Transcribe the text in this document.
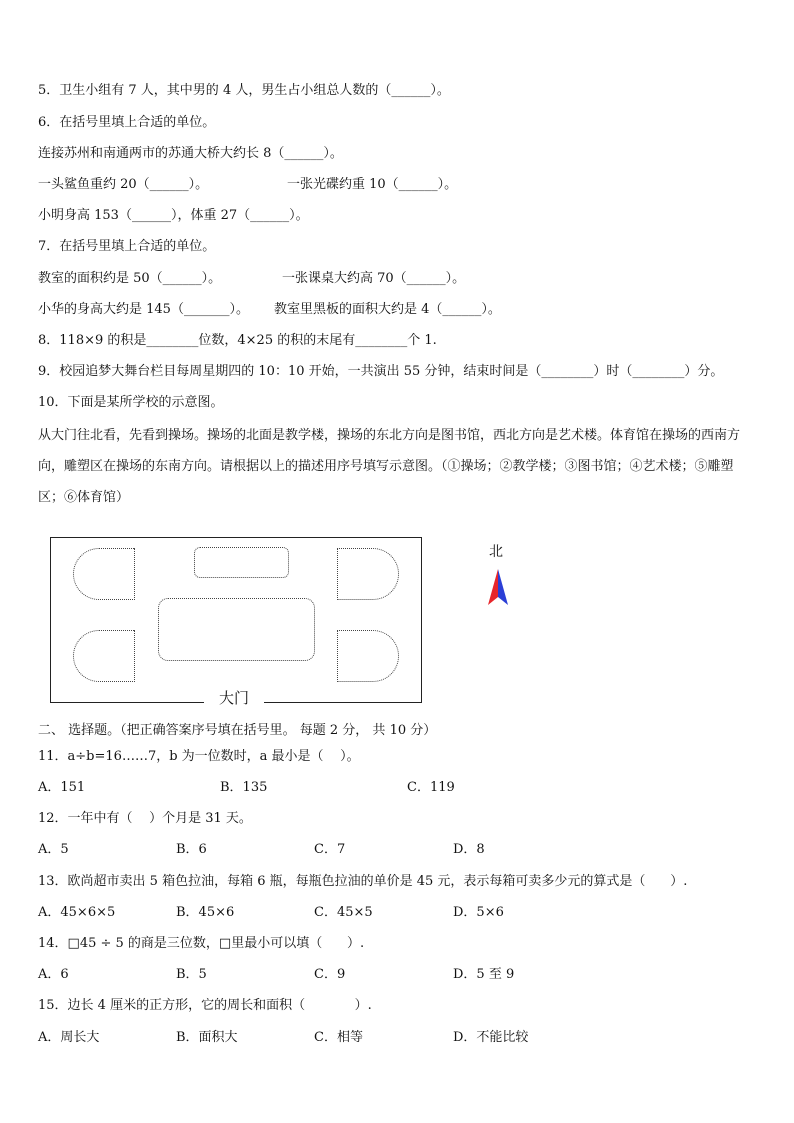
5．卫生小组有 7 人，其中男的 4 人，男生占小组总人数的（______）。
6．在括号里填上合适的单位。
连接苏州和南通两市的苏通大桥大约长 8（______）。
一头鲨鱼重约 20（______）。	一张光碟约重 10（______）。
小明身高 153（______），体重 27（______）。
7．在括号里填上合适的单位。
教室的面积约是 50（______）。	一张课桌大约高 70（______）。
小华的身高大约是 145（_______）。 教室里黑板的面积大约是 4（______）。
8．118×9 的积是________位数，4×25 的积的末尾有________个 1.
9．校园追梦大舞台栏目每周星期四的 10：10 开始，一共演出 55 分钟，结束时间是（________）时（________）分。
10．下面是某所学校的示意图。
从大门往北看，先看到操场。操场的北面是教学楼，操场的东北方向是图书馆，西北方向是艺术楼。体育馆在操场的西南方向，雕塑区在操场的东南方向。请根据以上的描述用序号填写示意图。（①操场；②教学楼；③图书馆；④艺术楼；⑤雕塑区；⑥体育馆）
大门
北
二、 选择题。（把正确答案序号填在括号里。 每题 2 分， 共 10 分）
11．a÷b=16……7，b 为一位数时，a 最小是（    ）。
A．151	B．135	C．119
12．一年中有（    ）个月是 31 天。
A．5	B．6	C．7	D．8
13．欧尚超市卖出 5 箱色拉油，每箱 6 瓶，每瓶色拉油的单价是 45 元，表示每箱可卖多少元的算式是（      ）.
A．45×6×5	B．45×6	C．45×5	D．5×6
14．□45 ÷ 5 的商是三位数，□里最小可以填（      ）.
A．6	B．5	C．9	D．5 至 9
15．边长 4 厘米的正方形，它的周长和面积（            ）.
A．周长大	B．面积大	C．相等	D．不能比较
